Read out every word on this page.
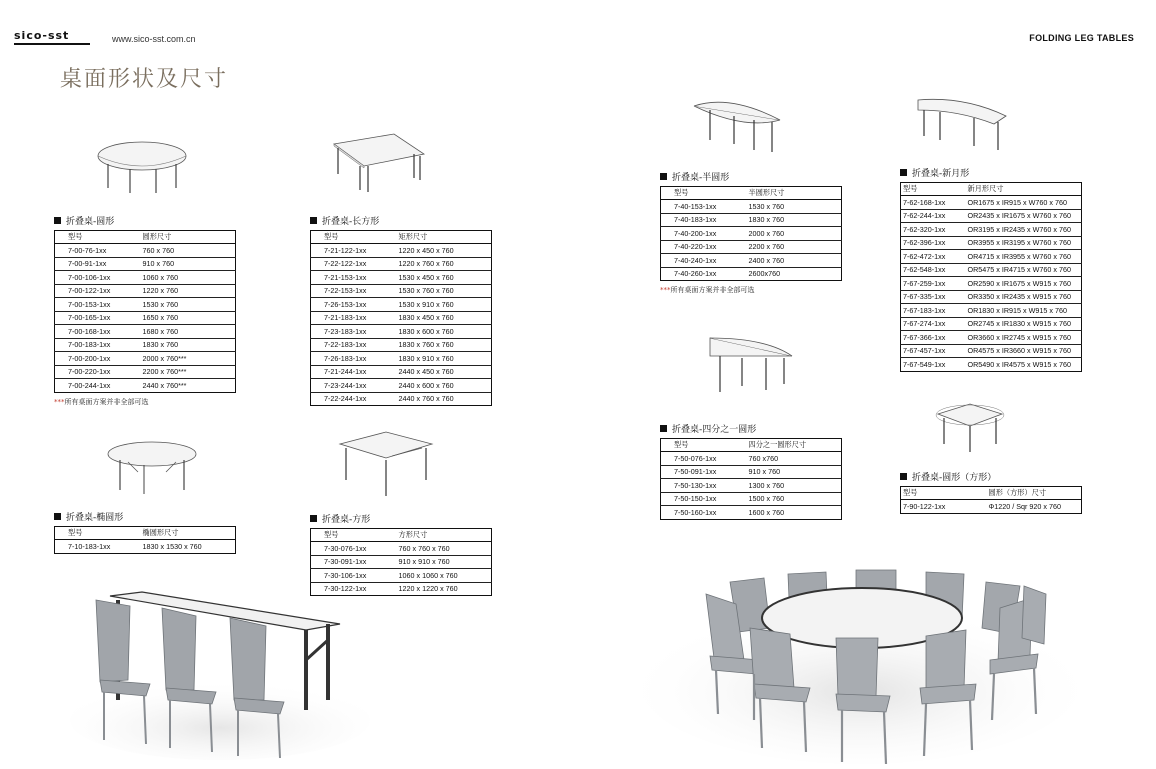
sico-sst	www.sico-sst.com.cn	FOLDING LEG TABLES
桌面形状及尺寸
折叠桌-圆形
型号	圆形尺寸
7-00-76-1xx	760 x 760
7-00-91-1xx	910 x 760
7-00-106-1xx	1060 x 760
7-00-122-1xx	1220 x 760
7-00-153-1xx	1530 x 760
7-00-165-1xx	1650 x 760
7-00-168-1xx	1680 x 760
7-00-183-1xx	1830 x 760
7-00-200-1xx	2000 x 760***
7-00-220-1xx	2200 x 760***
7-00-244-1xx	2440 x 760***
***所有桌面方案并非全部可选
折叠桌-椭圆形
型号	椭圆形尺寸
7-10-183-1xx	1830 x 1530 x 760
折叠桌-长方形
型号	矩形尺寸
7-21-122-1xx	1220 x 450 x 760
7-22-122-1xx	1220 x 760 x 760
7-21-153-1xx	1530 x 450 x 760
7-22-153-1xx	1530 x 760 x 760
7-26-153-1xx	1530 x 910 x 760
7-21-183-1xx	1830 x 450 x 760
7-23-183-1xx	1830 x 600 x 760
7-22-183-1xx	1830 x 760 x 760
7-26-183-1xx	1830 x 910 x 760
7-21-244-1xx	2440 x 450 x 760
7-23-244-1xx	2440 x 600 x 760
7-22-244-1xx	2440 x 760 x 760
折叠桌-方形
型号	方形尺寸
7-30-076-1xx	760 x 760 x 760
7-30-091-1xx	910 x 910 x 760
7-30-106-1xx	1060 x 1060 x 760
7-30-122-1xx	1220 x 1220 x 760
折叠桌-半圆形
型号	半圆形尺寸
7-40-153-1xx	1530 x 760
7-40-183-1xx	1830 x 760
7-40-200-1xx	2000 x 760
7-40-220-1xx	2200 x 760
7-40-240-1xx	2400 x 760
7-40-260-1xx	2600x760
***所有桌面方案并非全部可选
折叠桌-四分之一圆形
型号	四分之一圆形尺寸
7-50-076-1xx	760 x760
7-50-091-1xx	910 x 760
7-50-130-1xx	1300 x 760
7-50-150-1xx	1500 x 760
7-50-160-1xx	1600 x 760
折叠桌-新月形
型号	新月形尺寸
7-62-168-1xx	OR1675 x IR915 x W760 x 760
7-62-244-1xx	OR2435 x IR1675 x W760 x 760
7-62-320-1xx	OR3195 x IR2435 x W760 x 760
7-62-396-1xx	OR3955 x IR3195 x W760 x 760
7-62-472-1xx	OR4715 x IR3955 x W760 x 760
7-62-548-1xx	OR5475 x IR4715 x W760 x 760
7-67-259-1xx	OR2590 x IR1675 x W915 x 760
7-67-335-1xx	OR3350 x IR2435 x W915 x 760
7-67-183-1xx	OR1830 x IR915 x W915 x 760
7-67-274-1xx	OR2745 x IR1830 x W915 x 760
7-67-366-1xx	OR3660 x IR2745 x W915 x 760
7-67-457-1xx	OR4575 x IR3660 x W915 x 760
7-67-549-1xx	OR5490 x IR4575 x W915 x 760
折叠桌-圆形（方形）
型号	圆形（方形）尺寸
7-90-122-1xx	Φ1220 / Sqr 920 x 760
